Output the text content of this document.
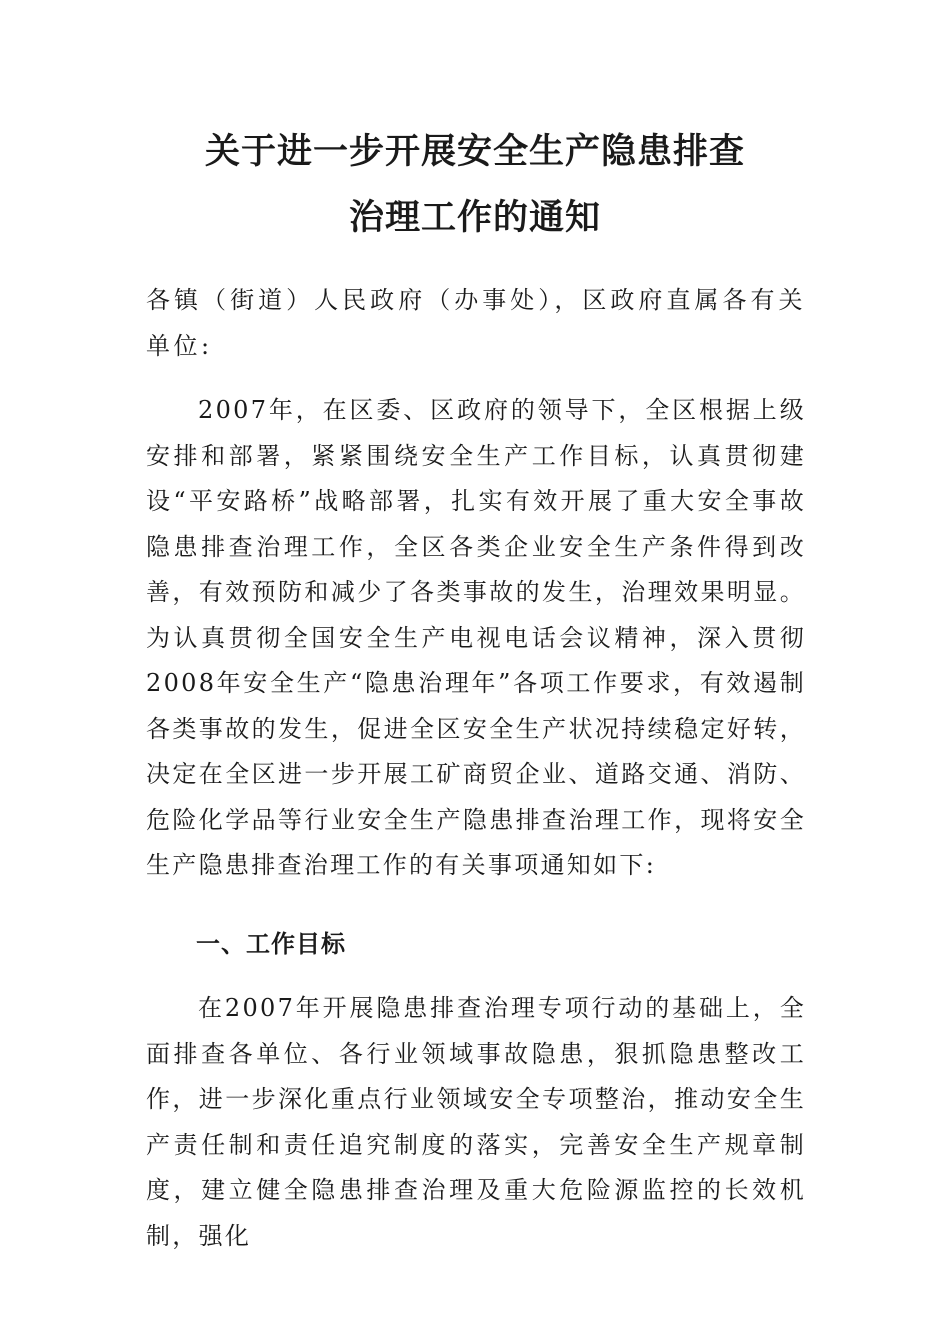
关于进一步开展安全生产隐患排查
治理工作的通知
各镇（街道）人民政府（办事处），区政府直属各有关单位:
2007年，在区委、区政府的领导下，全区根据上级安排和部署，紧紧围绕安全生产工作目标，认真贯彻建设“平安路桥”战略部署，扎实有效开展了重大安全事故隐患排查治理工作，全区各类企业安全生产条件得到改善，有效预防和减少了各类事故的发生，治理效果明显。为认真贯彻全国安全生产电视电话会议精神，深入贯彻2008年安全生产“隐患治理年”各项工作要求，有效遏制各类事故的发生，促进全区安全生产状况持续稳定好转，决定在全区进一步开展工矿商贸企业、道路交通、消防、危险化学品等行业安全生产隐患排查治理工作，现将安全生产隐患排查治理工作的有关事项通知如下:
一、工作目标
在2007年开展隐患排查治理专项行动的基础上，全面排查各单位、各行业领域事故隐患，狠抓隐患整改工作，进一步深化重点行业领域安全专项整治，推动安全生产责任制和责任追究制度的落实，完善安全生产规章制度，建立健全隐患排查治理及重大危险源监控的长效机制，强化
